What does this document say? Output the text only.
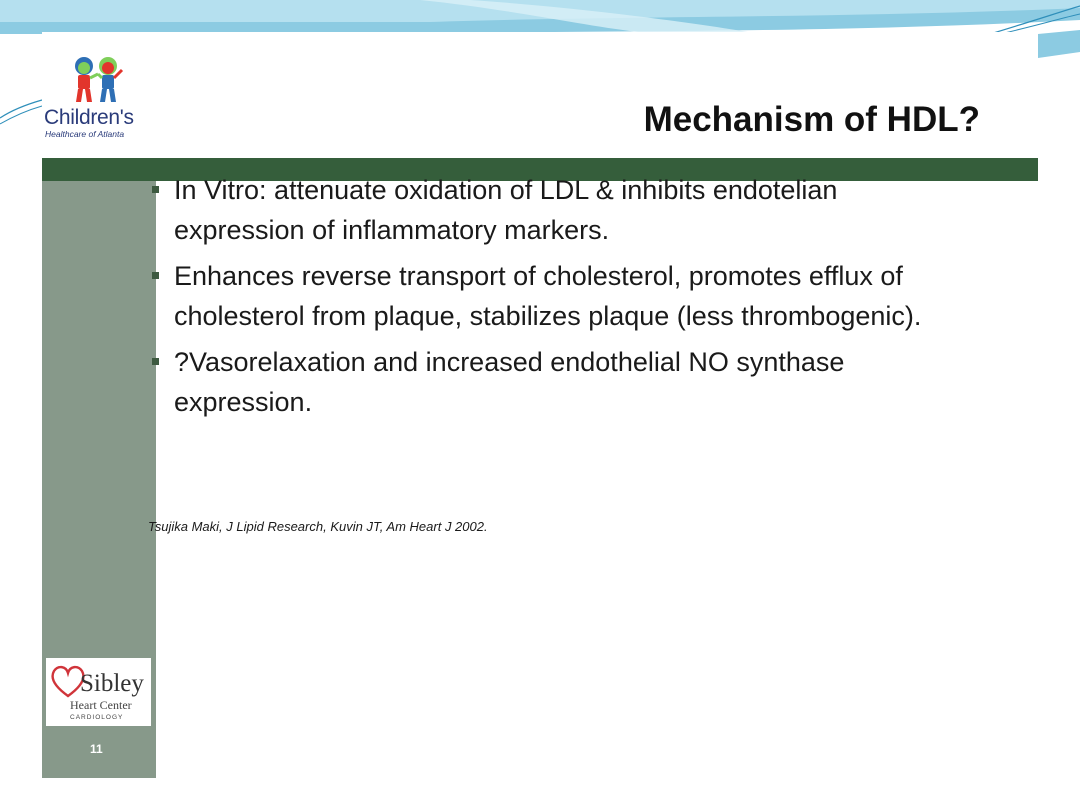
Children's
Healthcare of Atlanta	Mechanism of HDL?
Sibley
Heart Center
CARDIOLOGY
11
In Vitro: attenuate oxidation of LDL & inhibits endotelian expression of inflammatory markers.
Enhances reverse transport of cholesterol, promotes efflux of cholesterol from plaque, stabilizes plaque (less thrombogenic).
?Vasorelaxation and increased endothelial NO synthase expression.
Tsujika Maki, J Lipid Research, Kuvin JT, Am Heart J 2002.
